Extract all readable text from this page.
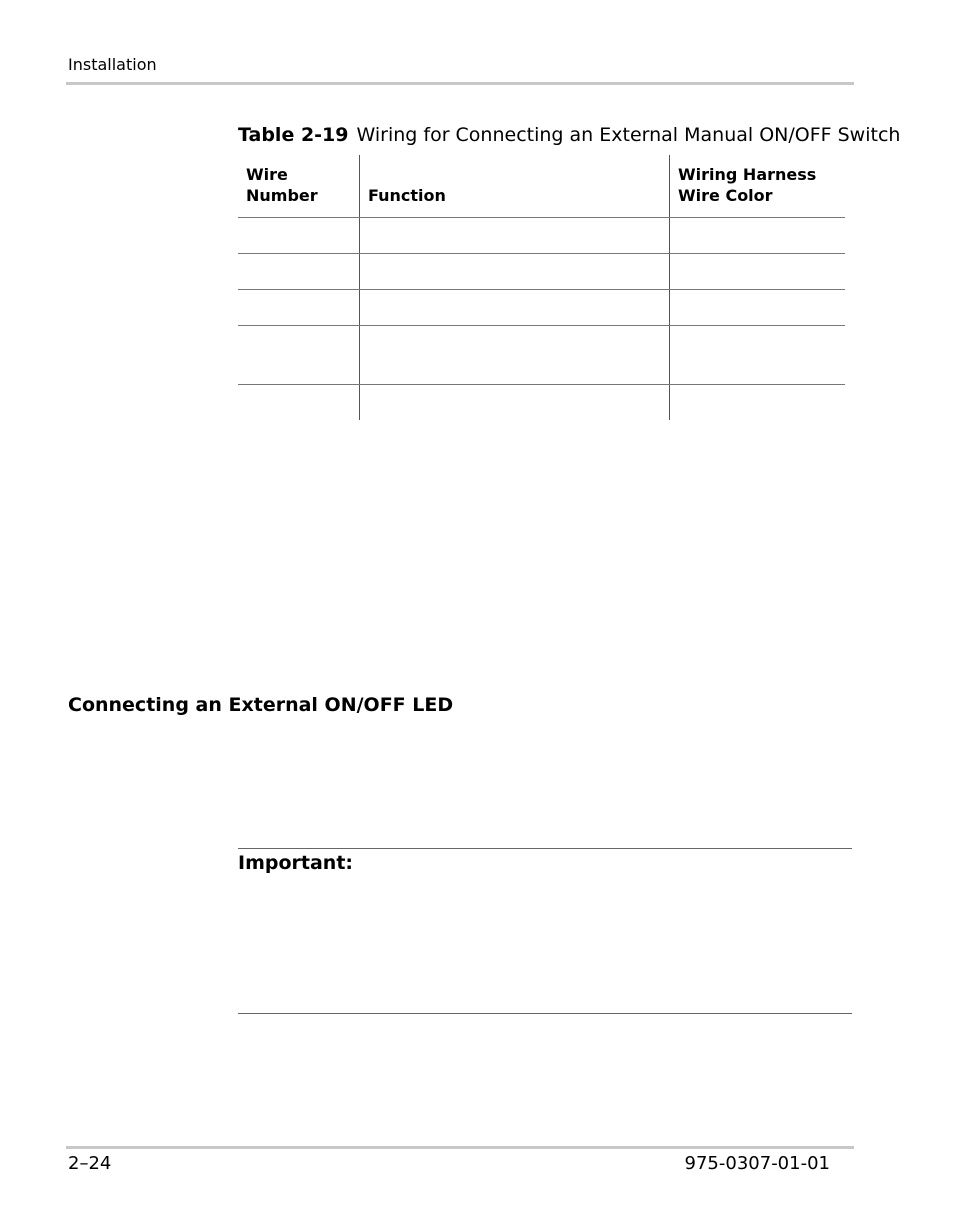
Installation
Table 2-19 Wiring for Connecting an External Manual ON/OFF Switch
Wire Number	Function
Wiring Harness Wire Color
Connecting an External ON/OFF LED
Important:
2–24	975-0307-01-01
